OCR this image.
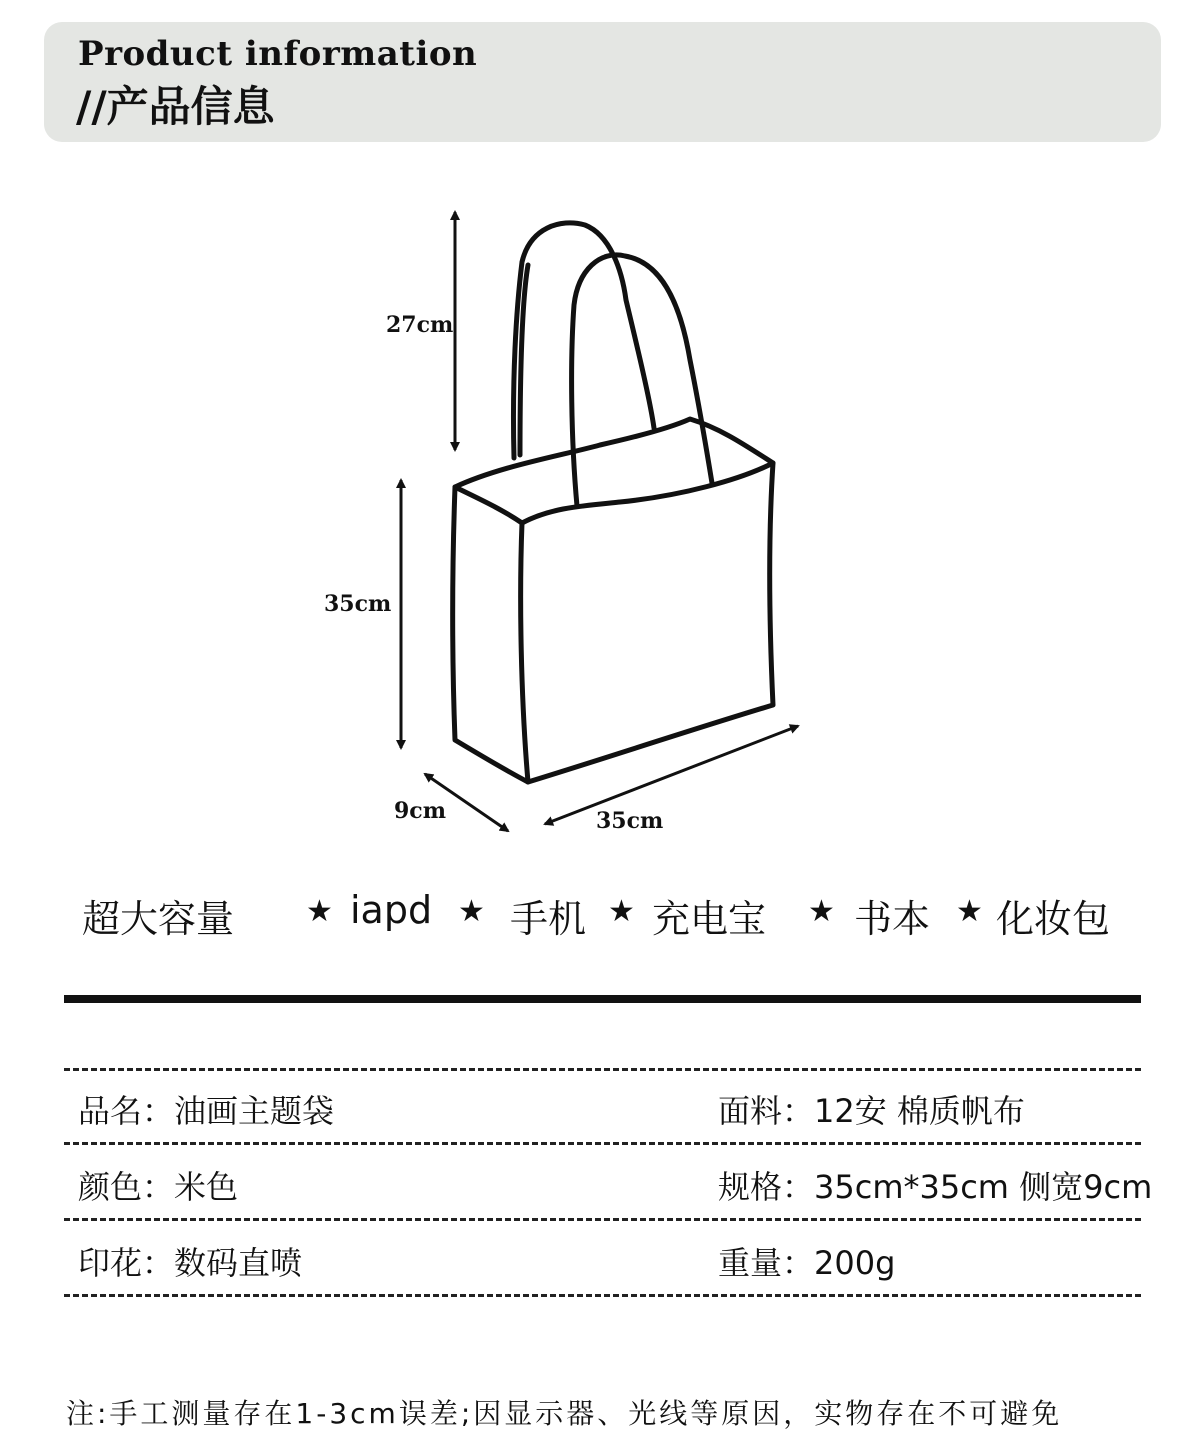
Product information
//产品信息
27cm
35cm
9cm	35cm
超大容量 ★ iapd ★ 手机 ★ 充电宝 ★ 书本 ★ 化妆包
品名：油画主题袋	面料：12安 棉质帆布
颜色：米色	规格：35cm*35cm 侧宽9cm
印花：数码直喷	重量：200g
注:手工测量存在1-3cm误差;因显示器、光线等原因，实物存在不可避免
